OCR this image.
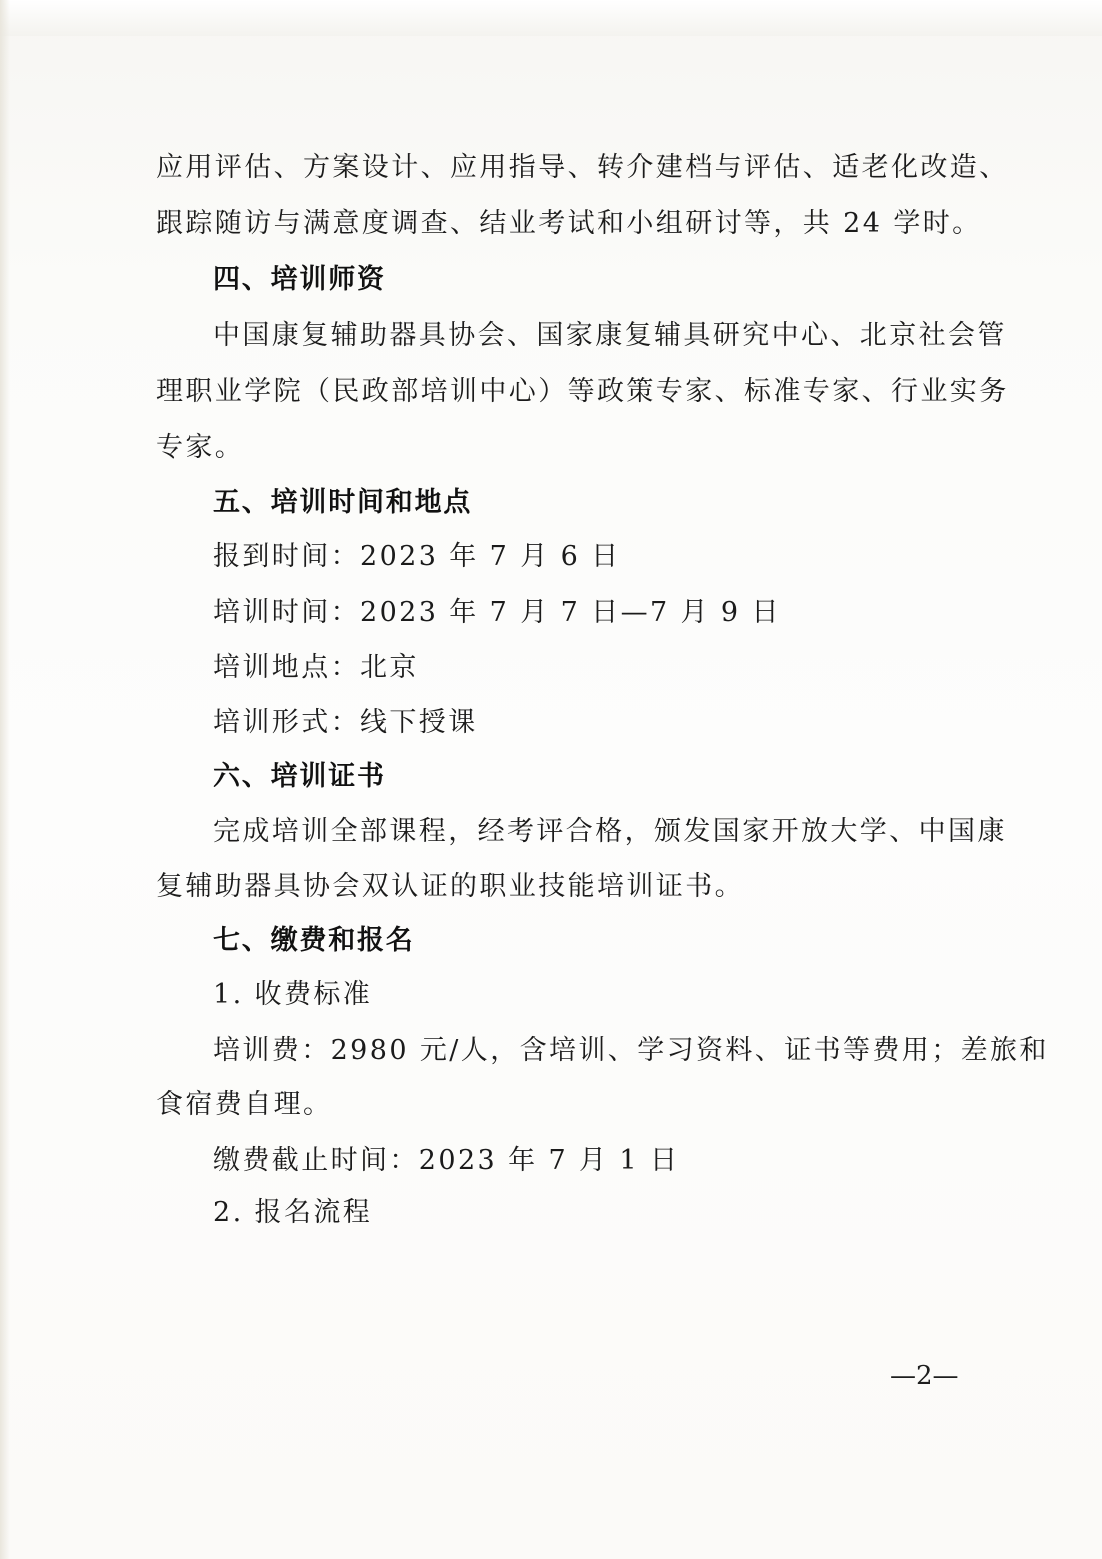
应用评估、方案设计、应用指导、转介建档与评估、适老化改造、
跟踪随访与满意度调查、结业考试和小组研讨等，共 24 学时。
四、培训师资
中国康复辅助器具协会、国家康复辅具研究中心、北京社会管
理职业学院（民政部培训中心）等政策专家、标准专家、行业实务
专家。
五、培训时间和地点
报到时间：2023 年 7 月 6 日
培训时间：2023 年 7 月 7 日—7 月 9 日
培训地点：北京
培训形式：线下授课
六、培训证书
完成培训全部课程，经考评合格，颁发国家开放大学、中国康
复辅助器具协会双认证的职业技能培训证书。
七、缴费和报名
1. 收费标准
培训费：2980 元/人，含培训、学习资料、证书等费用；差旅和
食宿费自理。
缴费截止时间：2023 年 7 月 1 日
2. 报名流程
—2—
